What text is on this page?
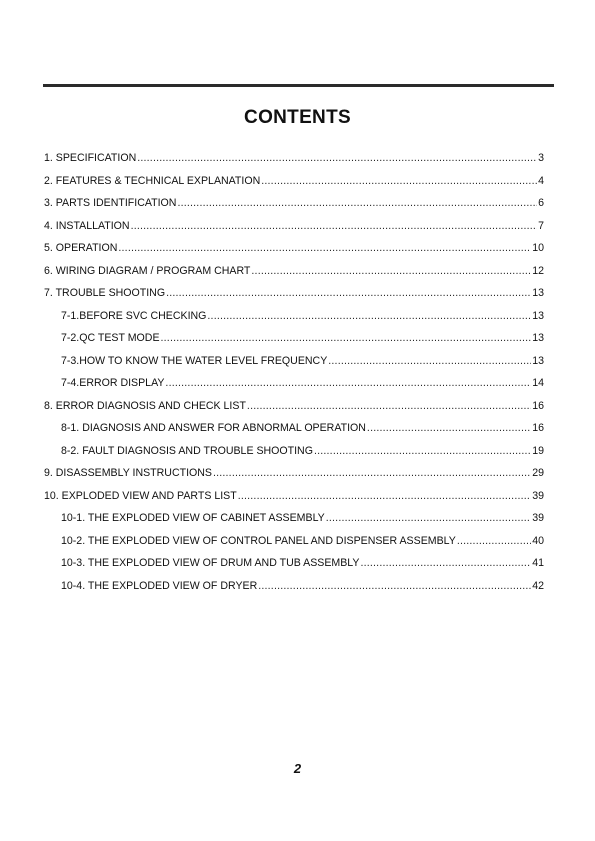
CONTENTS
1. SPECIFICATION .....	3
2. FEATURES & TECHNICAL EXPLANATION .....	4
3. PARTS IDENTIFICATION .....	6
4. INSTALLATION .....	7
5. OPERATION .....	10
6. WIRING DIAGRAM / PROGRAM CHART .....	12
7. TROUBLE SHOOTING .....	13
7-1.BEFORE SVC CHECKING .....	13
7-2.QC TEST MODE .....	13
7-3.HOW TO KNOW THE WATER LEVEL FREQUENCY .....	13
7-4.ERROR DISPLAY .....	14
8. ERROR DIAGNOSIS AND CHECK LIST .....	16
8-1. DIAGNOSIS AND ANSWER FOR ABNORMAL OPERATION .....	16
8-2. FAULT DIAGNOSIS AND TROUBLE SHOOTING .....	19
9. DISASSEMBLY INSTRUCTIONS .....	29
10. EXPLODED VIEW AND PARTS LIST .....	39
10-1. THE EXPLODED VIEW OF CABINET ASSEMBLY .....	39
10-2. THE EXPLODED VIEW OF CONTROL PANEL AND DISPENSER ASSEMBLY .....	40
10-3. THE EXPLODED VIEW OF DRUM AND TUB ASSEMBLY .....	41
10-4. THE EXPLODED VIEW OF DRYER .....	42
2
